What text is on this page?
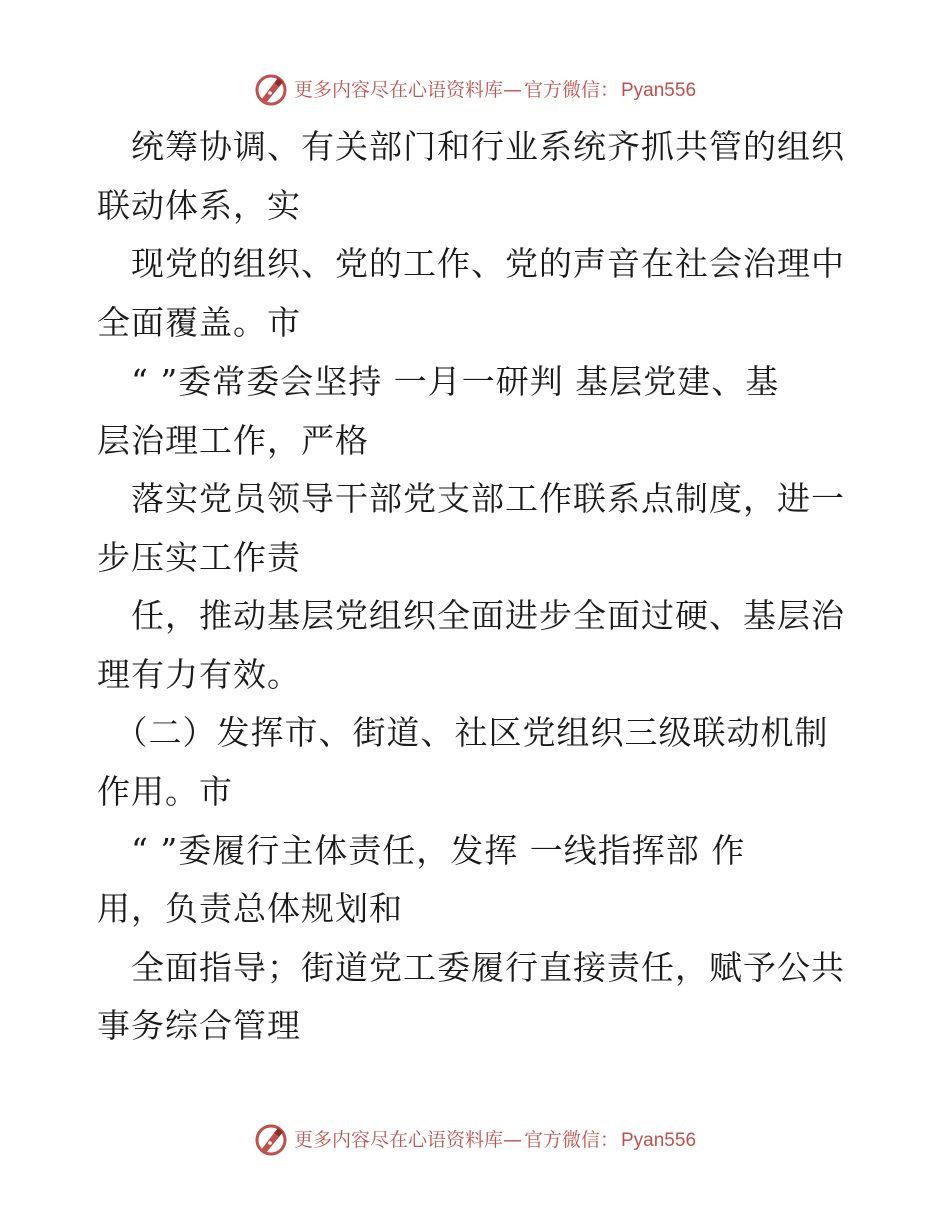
更多内容尽在心语资料库 — 官方微信： Pyan556
　统筹协调、有关部门和行业系统齐抓共管的组织
联动体系，实
　现党的组织、党的工作、党的声音在社会治理中
全面覆盖。市
　“ ”委常委会坚持 一月一研判 基层党建、基
层治理工作，严格
　落实党员领导干部党支部工作联系点制度，进一
步压实工作责
　任，推动基层党组织全面进步全面过硬、基层治
理有力有效。
　（二）发挥市、街道、社区党组织三级联动机制
作用。市
　“ ”委履行主体责任，发挥 一线指挥部 作
用，负责总体规划和
　全面指导；街道党工委履行直接责任，赋予公共
事务综合管理
更多内容尽在心语资料库 — 官方微信： Pyan556
